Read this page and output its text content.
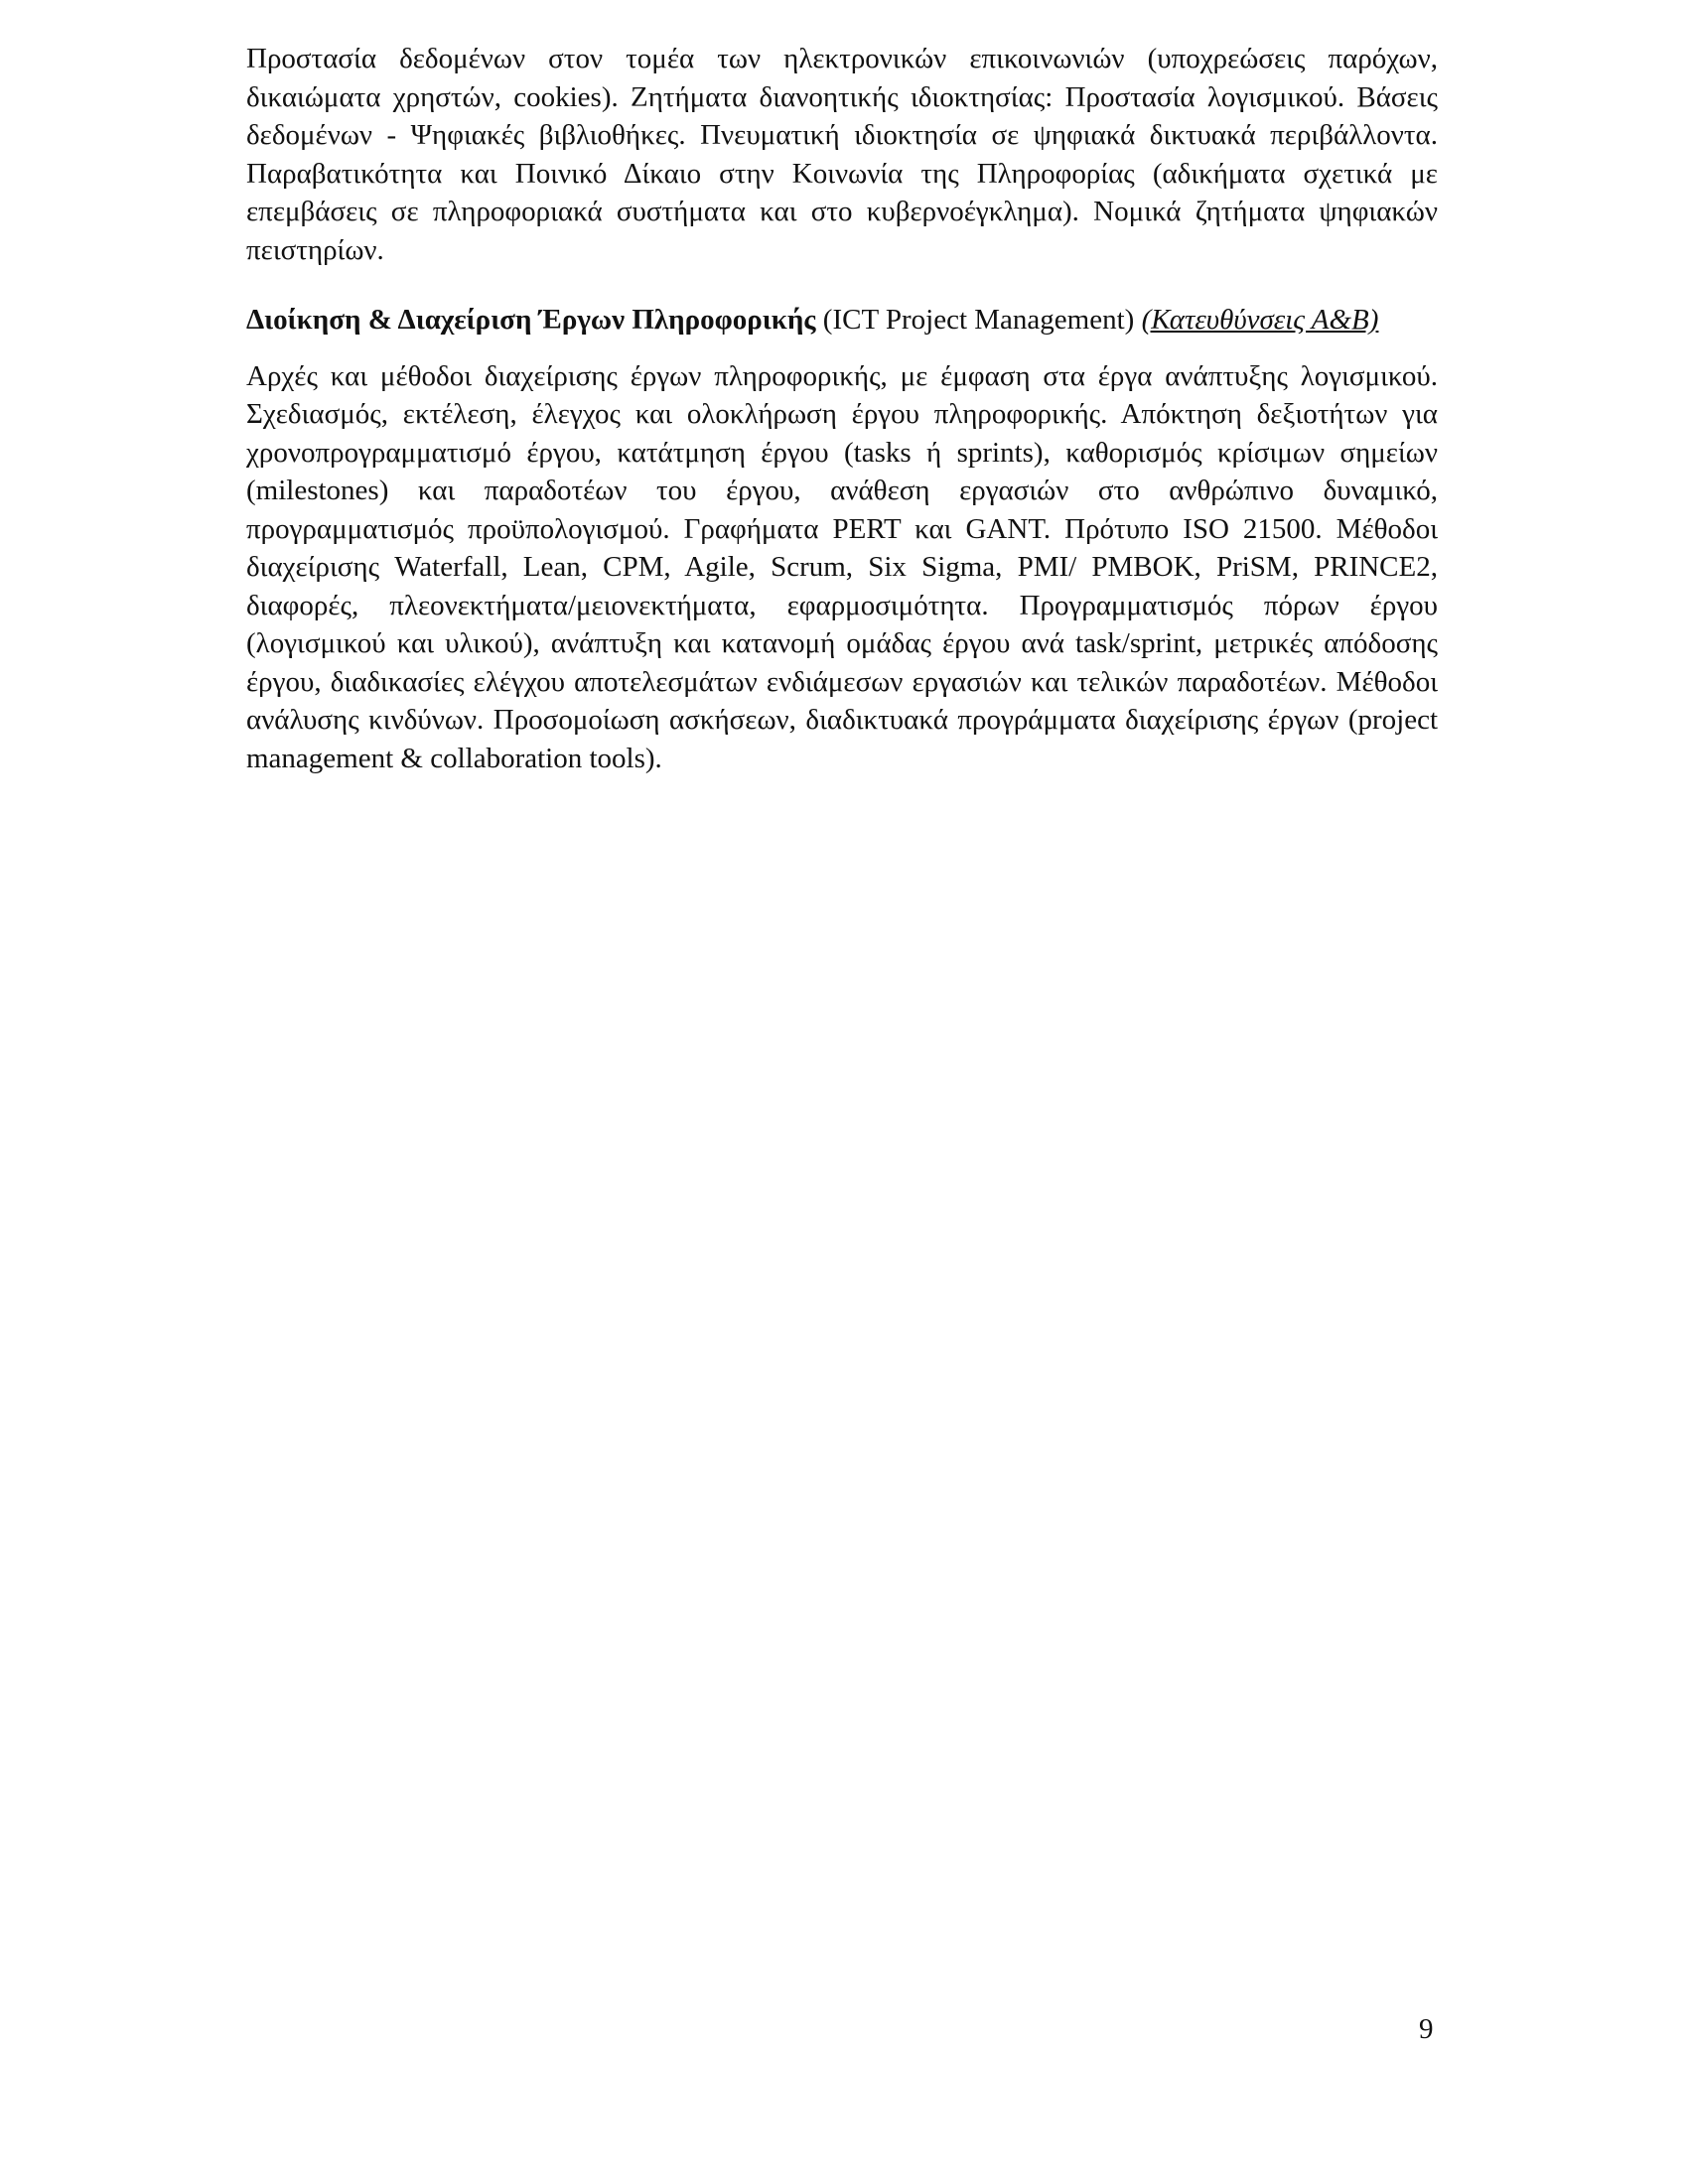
Προστασία δεδομένων στον τομέα των ηλεκτρονικών επικοινωνιών (υποχρεώσεις παρόχων, δικαιώματα χρηστών, cookies). Ζητήματα διανοητικής ιδιοκτησίας: Προστασία λογισμικού. Βάσεις δεδομένων - Ψηφιακές βιβλιοθήκες. Πνευματική ιδιοκτησία σε ψηφιακά δικτυακά περιβάλλοντα. Παραβατικότητα και Ποινικό Δίκαιο στην Κοινωνία της Πληροφορίας (αδικήματα σχετικά με επεμβάσεις σε πληροφοριακά συστήματα και στο κυβερνοέγκλημα). Νομικά ζητήματα ψηφιακών πειστηρίων.

Διοίκηση & Διαχείριση Έργων Πληροφορικής (ICT Project Management) (Κατευθύνσεις Α&Β)

Αρχές και μέθοδοι διαχείρισης έργων πληροφορικής, με έμφαση στα έργα ανάπτυξης λογισμικού. Σχεδιασμός, εκτέλεση, έλεγχος και ολοκλήρωση έργου πληροφορικής. Απόκτηση δεξιοτήτων για χρονοπρογραμματισμό έργου, κατάτμηση έργου (tasks ή sprints), καθορισμός κρίσιμων σημείων (milestones) και παραδοτέων του έργου, ανάθεση εργασιών στο ανθρώπινο δυναμικό, προγραμματισμός προϋπολογισμού. Γραφήματα PERT και GANT. Πρότυπο ISO 21500. Μέθοδοι διαχείρισης Waterfall, Lean, CPM, Agile, Scrum, Six Sigma, PMI/ PMBOK, PriSM, PRINCE2, διαφορές, πλεονεκτήματα/μειονεκτήματα, εφαρμοσιμότητα. Προγραμματισμός πόρων έργου (λογισμικού και υλικού), ανάπτυξη και κατανομή ομάδας έργου ανά task/sprint, μετρικές απόδοσης έργου, διαδικασίες ελέγχου αποτελεσμάτων ενδιάμεσων εργασιών και τελικών παραδοτέων. Μέθοδοι ανάλυσης κινδύνων. Προσομοίωση ασκήσεων, διαδικτυακά προγράμματα διαχείρισης έργων (project management & collaboration tools).

9
